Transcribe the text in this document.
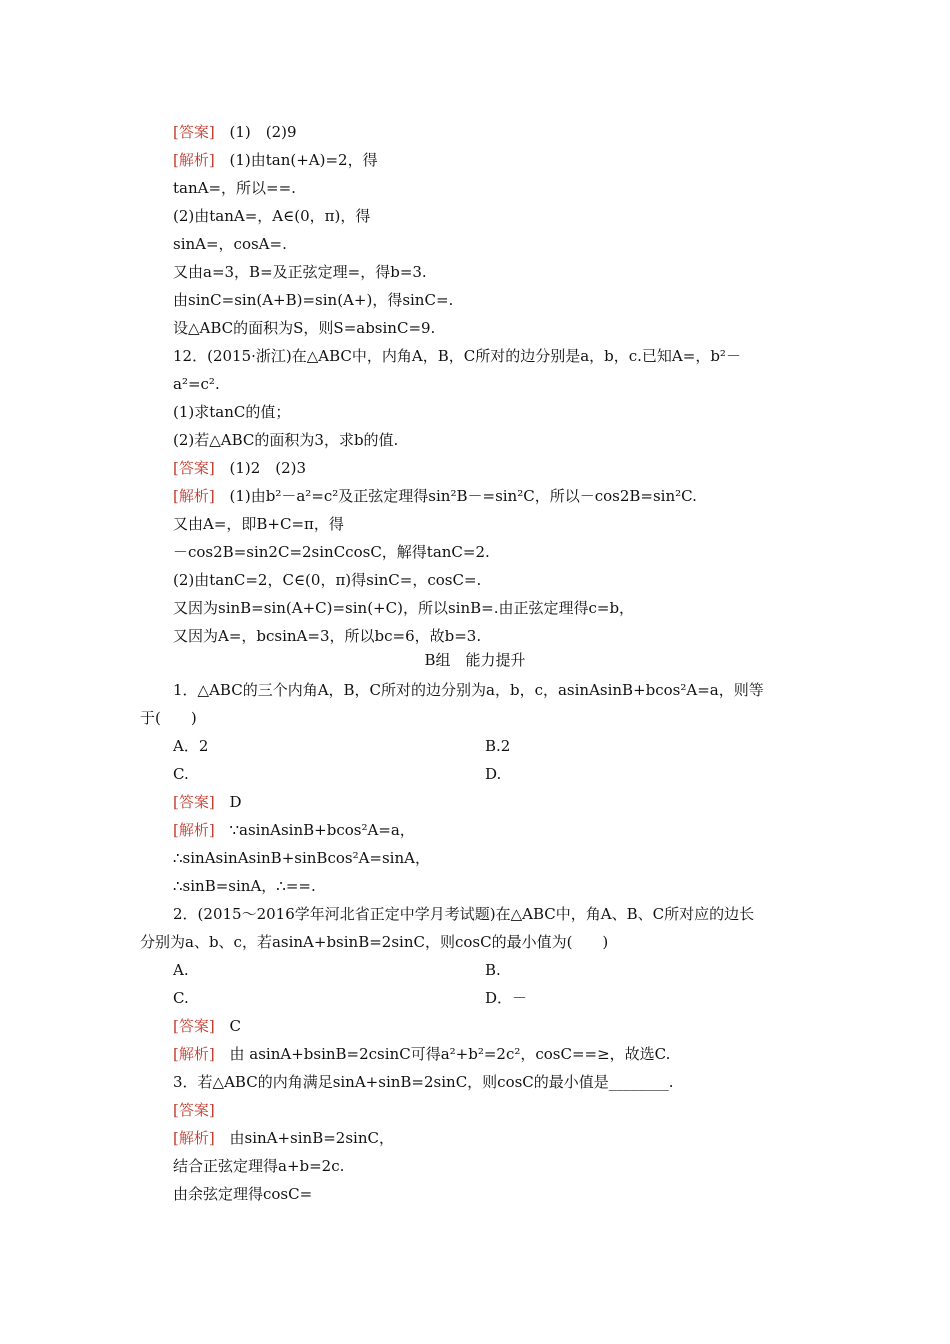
[答案] (1)　(2)9
[解析] (1)由tan(+A)=2，得
tanA=，所以==.
(2)由tanA=，A∈(0，π)，得
sinA=，cosA=.
又由a=3，B=及正弦定理=，得b=3.
由sinC=sin(A+B)=sin(A+)，得sinC=.
设△ABC的面积为S，则S=absinC=9.
12．(2015·浙江)在△ABC中，内角A，B，C所对的边分别是a，b，c.已知A=，b²－
a²=c².
(1)求tanC的值；
(2)若△ABC的面积为3，求b的值.
[答案] (1)2　(2)3
[解析] (1)由b²－a²=c²及正弦定理得sin²B－=sin²C，所以－cos2B=sin²C.
又由A=，即B+C=π，得
－cos2B=sin2C=2sinCcosC，解得tanC=2.
(2)由tanC=2，C∈(0，π)得sinC=，cosC=.
又因为sinB=sin(A+C)=sin(+C)，所以sinB=.由正弦定理得c=b，
又因为A=，bcsinA=3，所以bc=6，故b=3.
B组　能力提升
1．△ABC的三个内角A，B，C所对的边分别为a，b，c，asinAsinB+bcos²A=a，则等
于(　　)
A．2	B.2
C.	D.
[答案] D
[解析] ∵asinAsinB+bcos²A=a，
∴sinAsinAsinB+sinBcos²A=sinA，
∴sinB=sinA，∴==.
2．(2015～2016学年河北省正定中学月考试题)在△ABC中，角A、B、C所对应的边长
分别为a、b、c，若asinA+bsinB=2sinC，则cosC的最小值为(　　)
A.	B.
C.	D．－
[答案] C
[解析] 由 asinA+bsinB=2csinC可得a²+b²=2c²，cosC==≥，故选C.
3．若△ABC的内角满足sinA+sinB=2sinC，则cosC的最小值是________.
[答案]
[解析] 由sinA+sinB=2sinC，
结合正弦定理得a+b=2c.
由余弦定理得cosC=
